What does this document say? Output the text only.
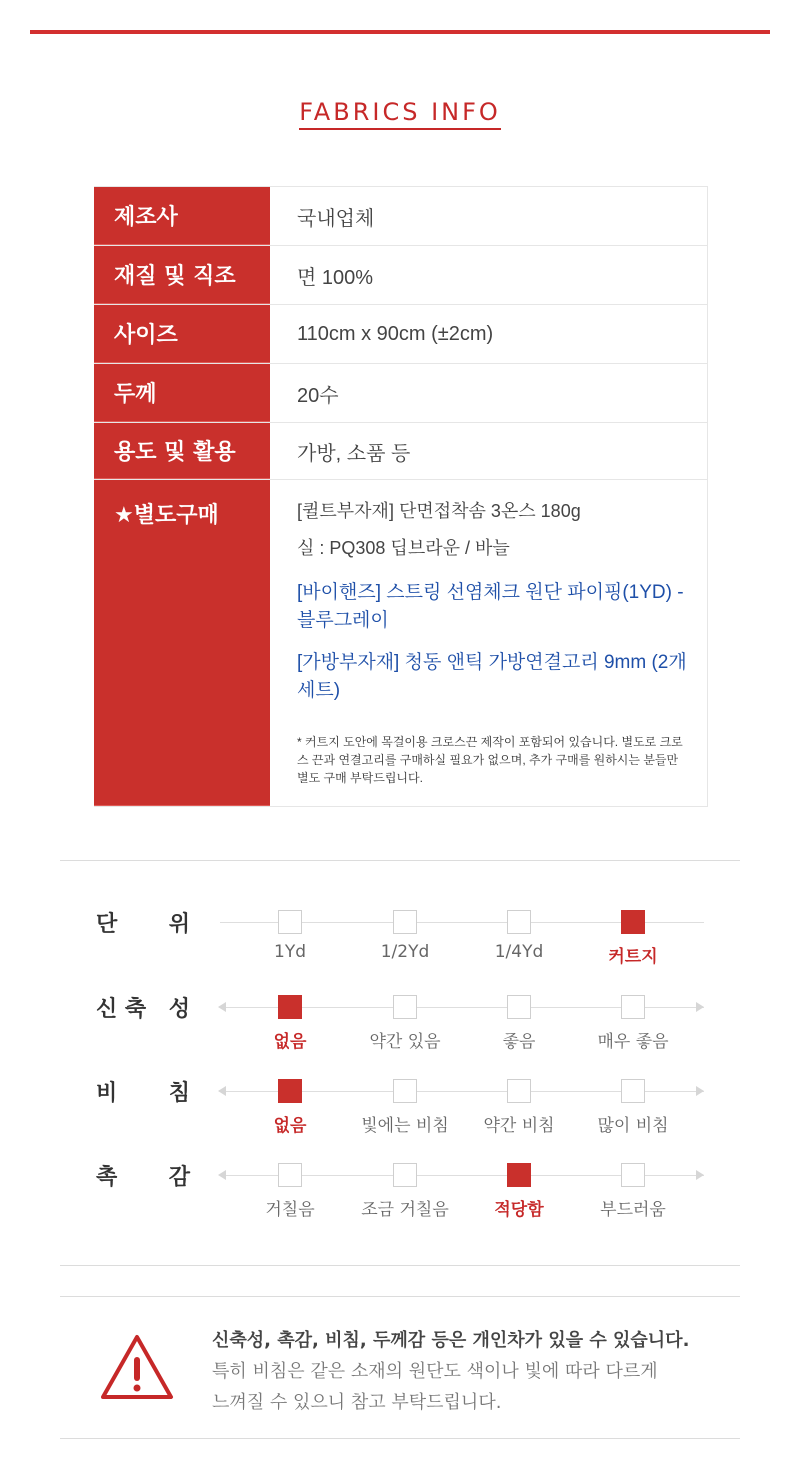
FABRICS INFO
제조사	국내업체
재질 및 직조	면 100%
사이즈	110cm x 90cm (±2cm)
두께	20수
용도 및 활용	가방, 소품 등
★별도구매	[퀼트부자재] 단면접착솜 3온스 180g
실 : PQ308 딥브라운 / 바늘
[바이핸즈] 스트링 선염체크 원단 파이핑(1YD) - 블루그레이
[가방부자재] 청동 앤틱 가방연결고리 9mm (2개 세트)
* 커트지 도안에 목걸이용 크로스끈 제작이 포함되어 있습니다. 별도로 크로스 끈과 연결고리를 구매하실 필요가 없으며, 추가 구매를 원하시는 분들만 별도 구매 부탁드립니다.
단 위
1Yd	1/2Yd	1/4Yd	커트지
신 축 성
없음	약간 있음	좋음	매우 좋음
비 침
없음	빛에는 비침	약간 비침	많이 비침
촉 감
거칠음	조금 거칠음	적당함	부드러움
신축성, 촉감, 비침, 두께감 등은 개인차가 있을 수 있습니다.
특히 비침은 같은 소재의 원단도 색이나 빛에 따라 다르게
느껴질 수 있으니 참고 부탁드립니다.
